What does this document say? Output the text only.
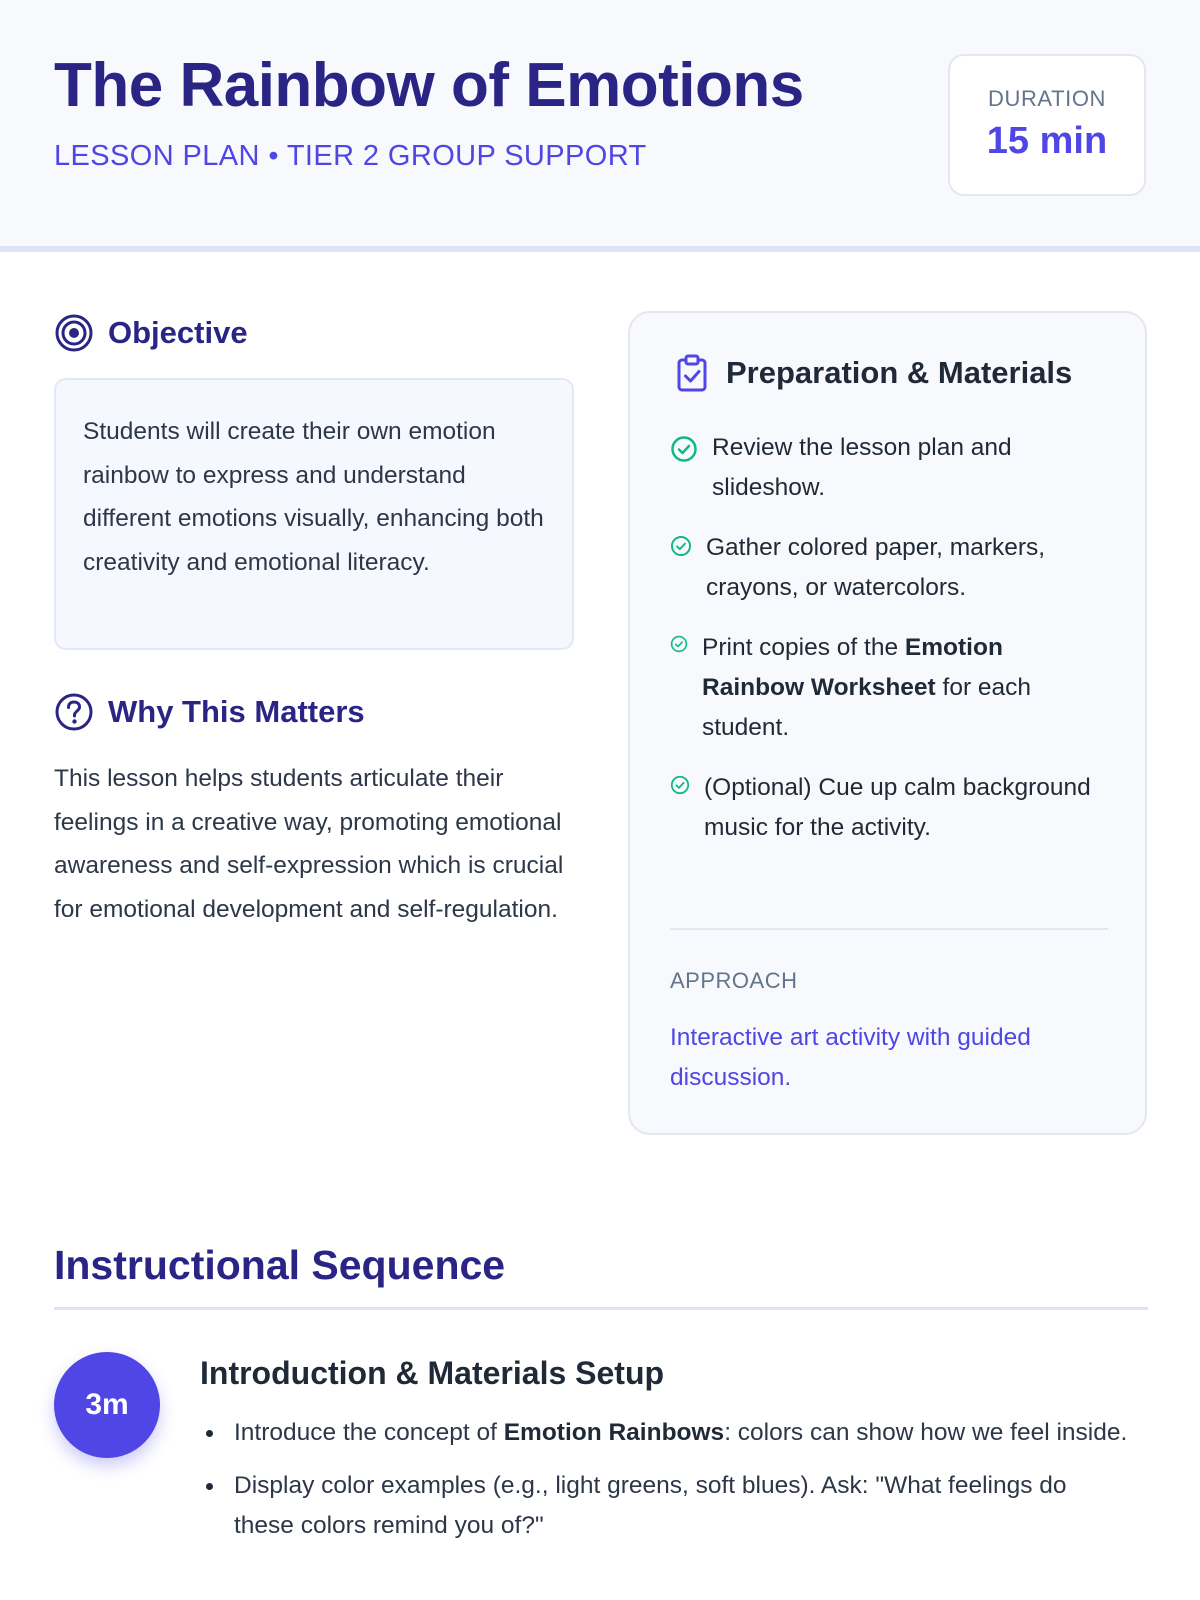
The Rainbow of Emotions
LESSON PLAN • TIER 2 GROUP SUPPORT
DURATION
15 min
Objective

Students will create their own emotion rainbow to express and understand different emotions visually, enhancing both creativity and emotional literacy.

Why This Matters

This lesson helps students articulate their feelings in a creative way, promoting emotional awareness and self-expression which is crucial for emotional development and self-regulation.

Preparation & Materials
Review the lesson plan and slideshow.
Gather colored paper, markers, crayons, or watercolors.
Print copies of the Emotion Rainbow Worksheet for each student.
(Optional) Cue up calm background music for the activity.
APPROACH
Interactive art activity with guided discussion.
Instructional Sequence
3m
Introduction & Materials Setup
Introduce the concept of Emotion Rainbows: colors can show how we feel inside.
Display color examples (e.g., light greens, soft blues). Ask: "What feelings do these colors remind you of?"
